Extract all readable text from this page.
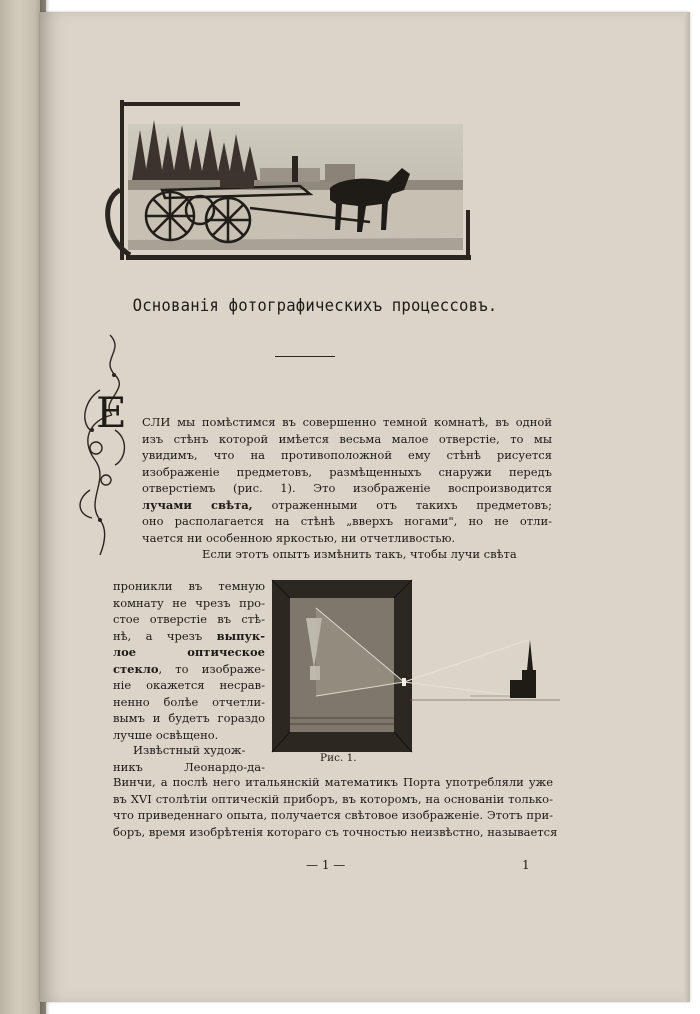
Основанія фотографическихъ процессовъ.
Е СЛИ мы помѣстимся въ совершенно темной комнатѣ, въ одной
изъ стѣнъ которой имѣется весьма малое отверстіе, то мы
увидимъ, что на противоположной ему стѣнѣ рисуется
изображеніе предметовъ, размѣщенныхъ снаружи передъ
отверстіемъ (рис. 1). Это изображеніе воспроизводится
лучами свѣта, отраженными отъ такихъ предметовъ;
оно располагается на стѣнѣ „вверхъ ногами", но не отли-
чается ни особенною яркостью, ни отчетливостью.
Если этотъ опытъ измѣнить такъ, чтобы лучи свѣта
проникли въ темную
комнату не чрезъ про-
стое отверстіе въ стѣ-
нѣ, а чрезъ выпук-
лое оптическое
стекло, то изображе-
ніе окажется несрав-
ненно болѣе отчетли-
вымъ и будетъ гораздо
лучше освѣщено.
Извѣстный худож-
никъ Леонардо-да-
Винчи, а послѣ него итальянскій математикъ Порта употребляли уже
въ XVI столѣтіи оптическій приборъ, въ которомъ, на основаніи только-
что приведеннаго опыта, получается свѣтовое изображеніе. Этотъ при-
боръ, время изобрѣтенія котораго съ точностью неизвѣстно, называется
Рис. 1.
— 1 —	1
